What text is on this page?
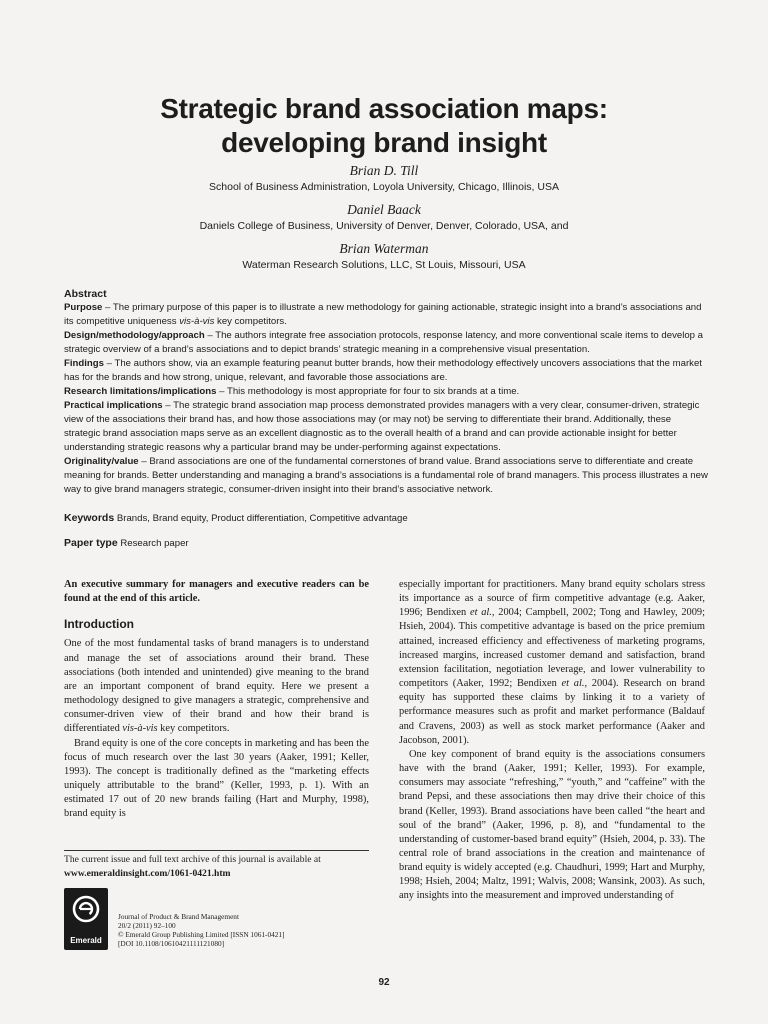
Strategic brand association maps:
developing brand insight
Brian D. Till
School of Business Administration, Loyola University, Chicago, Illinois, USA
Daniel Baack
Daniels College of Business, University of Denver, Denver, Colorado, USA, and
Brian Waterman
Waterman Research Solutions, LLC, St Louis, Missouri, USA
Abstract
Purpose – The primary purpose of this paper is to illustrate a new methodology for gaining actionable, strategic insight into a brand’s associations and its competitive uniqueness vis-à-vis key competitors.
Design/methodology/approach – The authors integrate free association protocols, response latency, and more conventional scale items to develop a strategic overview of a brand’s associations and to depict brands’ strategic meaning in a comprehensive visual presentation.
Findings – The authors show, via an example featuring peanut butter brands, how their methodology effectively uncovers associations that the market has for the brands and how strong, unique, relevant, and favorable those associations are.
Research limitations/implications – This methodology is most appropriate for four to six brands at a time.
Practical implications – The strategic brand association map process demonstrated provides managers with a very clear, consumer-driven, strategic view of the associations their brand has, and how those associations may (or may not) be serving to differentiate their brand. Additionally, these strategic brand association maps serve as an excellent diagnostic as to the overall health of a brand and can provide actionable insight for better understanding strategic reasons why a particular brand may be under-performing against expectations.
Originality/value – Brand associations are one of the fundamental cornerstones of brand value. Brand associations serve to differentiate and create meaning for brands. Better understanding and managing a brand’s associations is a fundamental role of brand managers. This process illustrates a new way to give brand managers strategic, consumer-driven insight into their brand’s associative network.
Keywords Brands, Brand equity, Product differentiation, Competitive advantage
Paper type Research paper

An executive summary for managers and executive readers can be found at the end of this article.

Introduction

One of the most fundamental tasks of brand managers is to understand and manage the set of associations around their brand. These associations (both intended and unintended) give meaning to the brand are an important component of brand equity. Here we present a methodology designed to give managers a strategic, comprehensive and consumer-driven view of their brand and how their brand is differentiated vis-à-vis key competitors.

Brand equity is one of the core concepts in marketing and has been the focus of much research over the last 30 years (Aaker, 1991; Keller, 1993). The concept is traditionally defined as the “marketing effects uniquely attributable to the brand” (Keller, 1993, p. 1). With an estimated 17 out of 20 new brands failing (Hart and Murphy, 1998), brand equity is

The current issue and full text archive of this journal is available at
www.emeraldinsight.com/1061-0421.htm
Emerald
Journal of Product & Brand Management
20/2 (2011) 92–100
© Emerald Group Publishing Limited [ISSN 1061-0421]
[DOI 10.1108/10610421111121080]

especially important for practitioners. Many brand equity scholars stress its importance as a source of firm competitive advantage (e.g. Aaker, 1996; Bendixen et al., 2004; Campbell, 2002; Tong and Hawley, 2009; Hsieh, 2004). This competitive advantage is based on the price premium attained, increased efficiency and effectiveness of marketing programs, increased margins, increased customer demand and satisfaction, brand extension facilitation, negotiation leverage, and lower vulnerability to competitors (Aaker, 1992; Bendixen et al., 2004). Research on brand equity has supported these claims by linking it to a variety of performance measures such as profit and market performance (Baldauf and Cravens, 2003) as well as stock market performance (Aaker and Jacobson, 2001).

One key component of brand equity is the associations consumers have with the brand (Aaker, 1991; Keller, 1993). For example, consumers may associate “refreshing,” “youth,” and “caffeine” with the brand Pepsi, and these associations then may drive their choice of this brand (Keller, 1993). Brand associations have been called “the heart and soul of the brand” (Aaker, 1996, p. 8), and “fundamental to the understanding of customer-based brand equity” (Hsieh, 2004, p. 33). The central role of brand associations in the creation and maintenance of brand equity is widely accepted (e.g. Chaudhuri, 1999; Hart and Murphy, 1998; Hsieh, 2004; Maltz, 1991; Walvis, 2008; Wansink, 2003). As such, any insights into the measurement and improved understanding of

92
